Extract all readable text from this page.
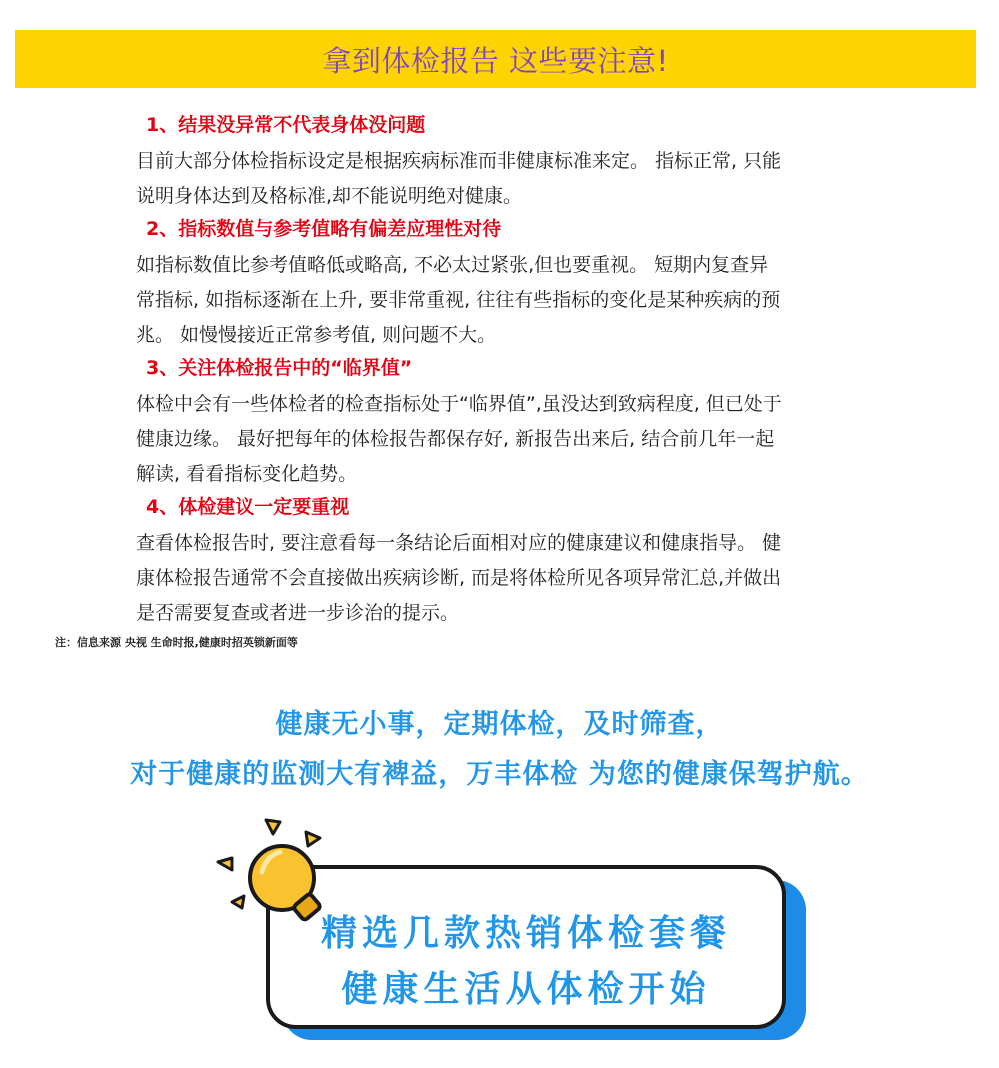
拿到体检报告 这些要注意!
1、结果没异常不代表身体没问题
目前大部分体检指标设定是根据疾病标准而非健康标准来定。 指标正常, 只能
说明身体达到及格标准,却不能说明绝对健康。
2、指标数值与参考值略有偏差应理性对待
如指标数值比参考值略低或略高, 不必太过紧张,但也要重视。 短期内复查异
常指标, 如指标逐渐在上升, 要非常重视, 往往有些指标的变化是某种疾病的预
兆。 如慢慢接近正常参考值, 则问题不大。
3、关注体检报告中的“临界值”
体检中会有一些体检者的检查指标处于“临界值”,虽没达到致病程度, 但已处于
健康边缘。 最好把每年的体检报告都保存好, 新报告出来后, 结合前几年一起
解读, 看看指标变化趋势。
4、体检建议一定要重视
查看体检报告时, 要注意看每一条结论后面相对应的健康建议和健康指导。 健
康体检报告通常不会直接做出疾病诊断, 而是将体检所见各项异常汇总,并做出
是否需要复查或者进一步诊治的提示。
注：信息来源 央视 生命时报,健康时招英锁新面等
健康无小事，定期体检，及时筛查，
对于健康的监测大有裨益，万丰体检 为您的健康保驾护航。
精选几款热销体检套餐
健康生活从体检开始
